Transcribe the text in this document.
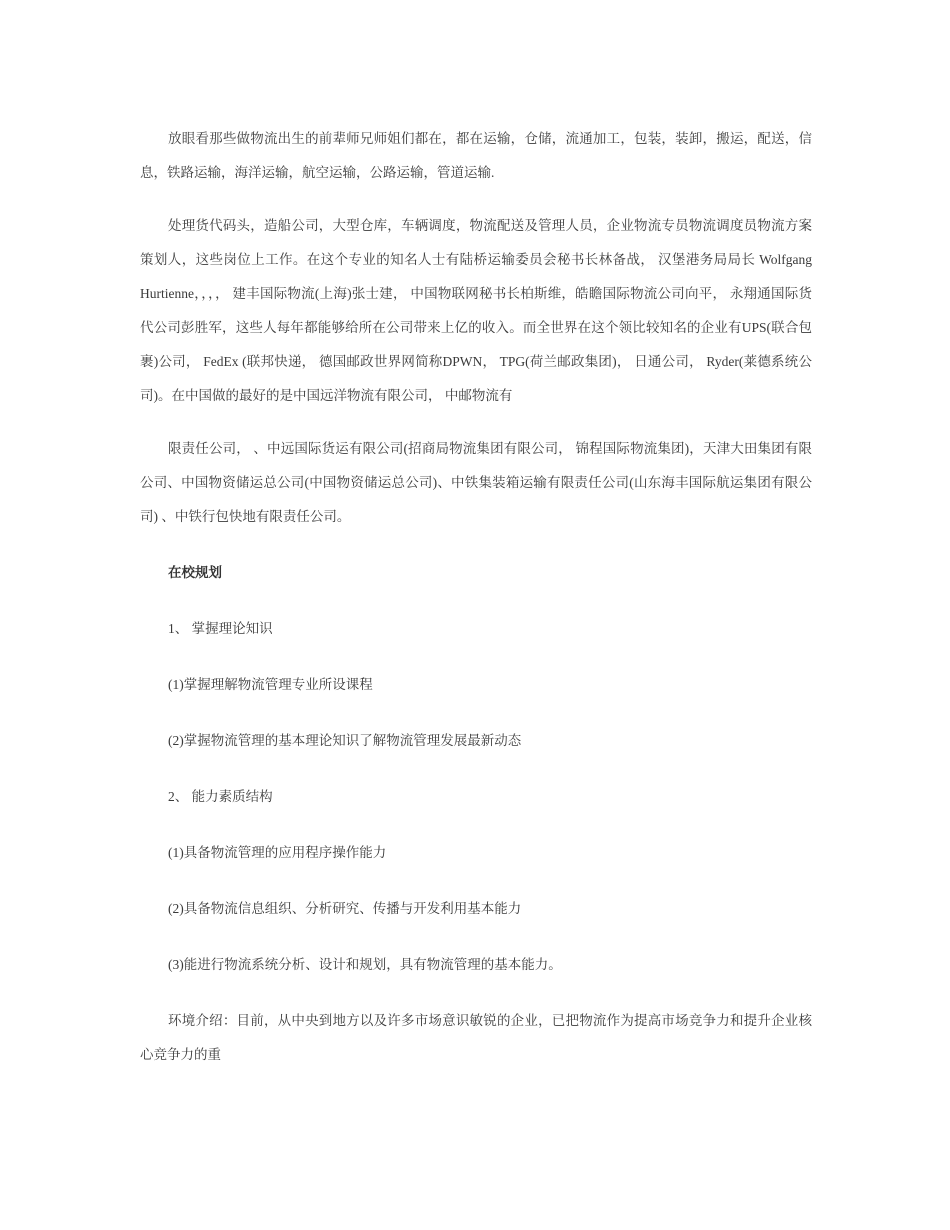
放眼看那些做物流出生的前辈师兄师姐们都在，都在运输，仓储，流通加工，包装，装卸，搬运，配送，信息，铁路运输，海洋运输，航空运输，公路运输，管道运输.

处理货代码头，造船公司，大型仓库，车辆调度，物流配送及管理人员，企业物流专员物流调度员物流方案策划人，这些岗位上工作。在这个专业的知名人士有陆桥运输委员会秘书长林备战， 汉堡港务局局长 Wolfgang Hurtienne，，，， 建丰国际物流(上海)张士建， 中国物联网秘书长柏斯维，皓瞻国际物流公司向平， 永翔通国际货代公司彭胜军，这些人每年都能够给所在公司带来上亿的收入。而全世界在这个领比较知名的企业有UPS(联合包裹)公司， FedEx (联邦快递， 德国邮政世界网简称DPWN， TPG(荷兰邮政集团)， 日通公司， Ryder(莱德系统公司)。在中国做的最好的是中国远洋物流有限公司， 中邮物流有

限责任公司， 、中远国际货运有限公司(招商局物流集团有限公司， 锦程国际物流集团)，天津大田集团有限公司、中国物资储运总公司(中国物资储运总公司)、中铁集装箱运输有限责任公司(山东海丰国际航运集团有限公司) 、中铁行包快地有限责任公司。

在校规划

1、 掌握理论知识

(1)掌握理解物流管理专业所设课程

(2)掌握物流管理的基本理论知识了解物流管理发展最新动态

2、 能力素质结构

(1)具备物流管理的应用程序操作能力

(2)具备物流信息组织、分析研究、传播与开发利用基本能力

(3)能进行物流系统分析、设计和规划，具有物流管理的基本能力。

环境介绍：目前，从中央到地方以及许多市场意识敏锐的企业，已把物流作为提高市场竞争力和提升企业核心竞争力的重
